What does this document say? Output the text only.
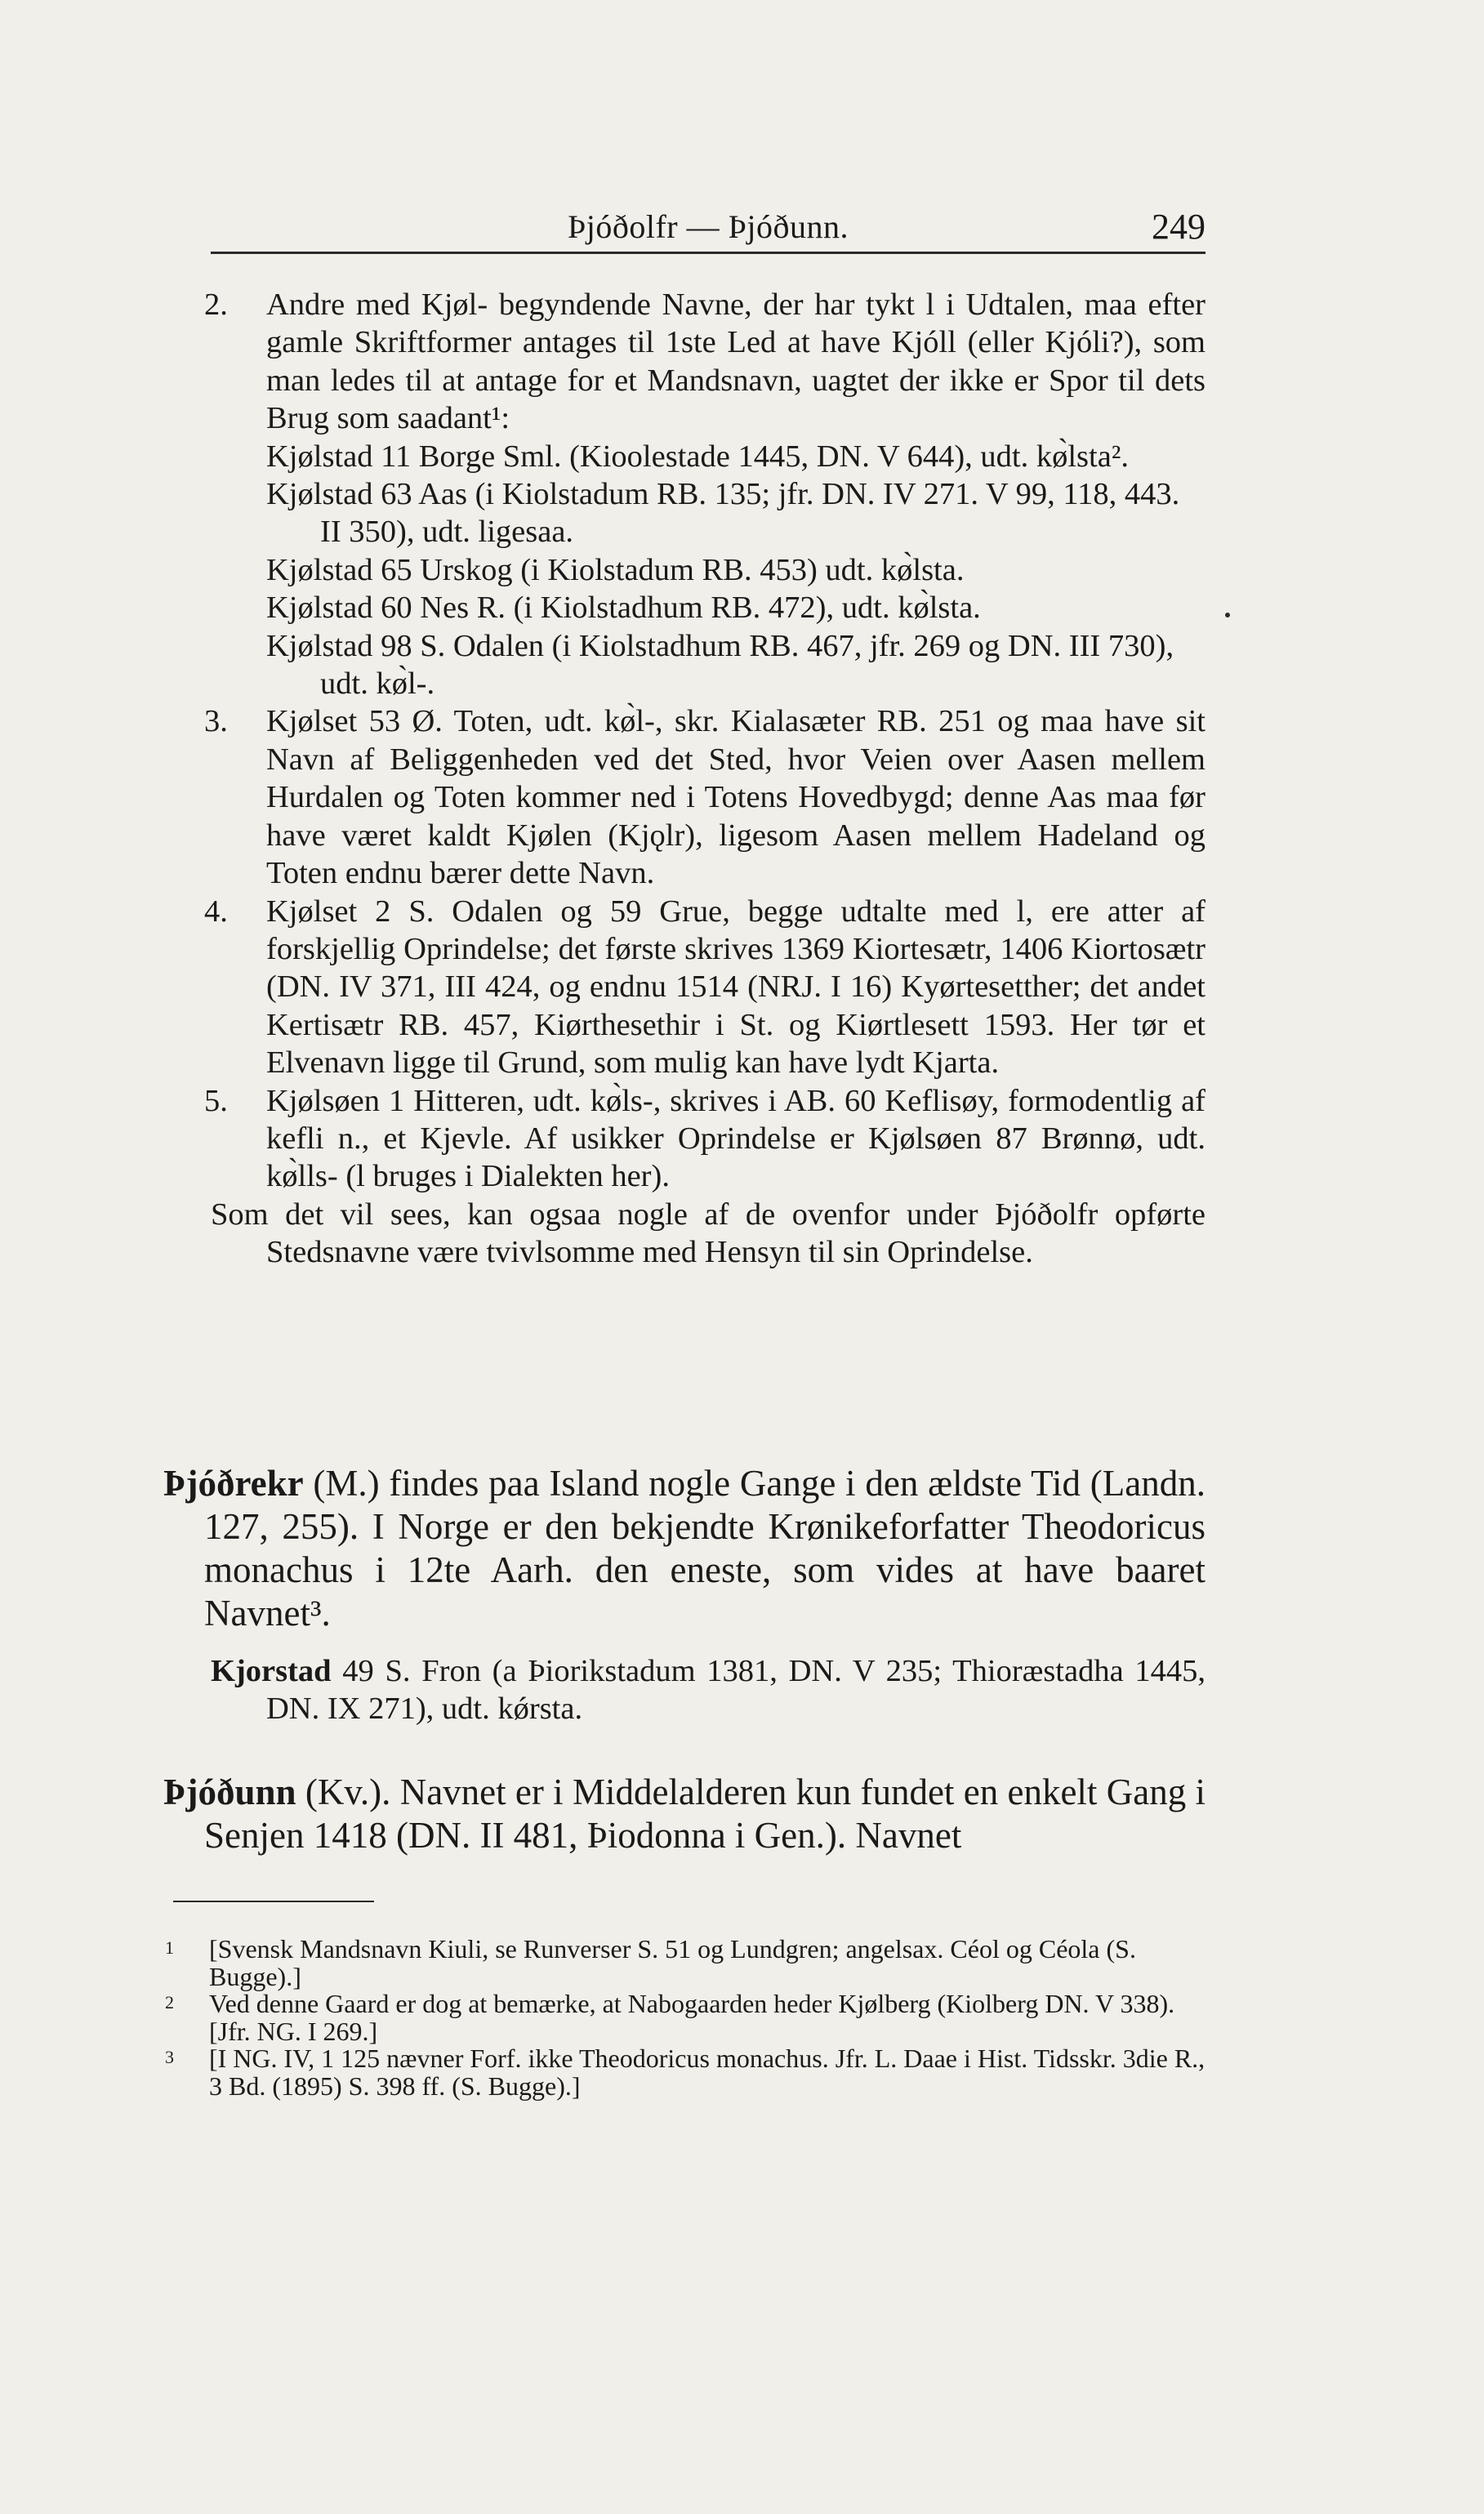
Þjóðolfr — Þjóðunn.	249
2. Andre med Kjøl- begyndende Navne, der har tykt l i Udtalen, maa efter gamle Skriftformer antages til 1ste Led at have Kjóll (eller Kjóli?), som man ledes til at antage for et Mandsnavn, uagtet der ikke er Spor til dets Brug som saadant¹:
Kjølstad 11 Borge Sml. (Kioolestade 1445, DN. V 644), udt. kø̀lsta².
Kjølstad 63 Aas (i Kiolstadum RB. 135; jfr. DN. IV 271. V 99, 118, 443. II 350), udt. ligesaa.
Kjølstad 65 Urskog (i Kiolstadum RB. 453) udt. kø̀lsta.
Kjølstad 60 Nes R. (i Kiolstadhum RB. 472), udt. kø̀lsta.
Kjølstad 98 S. Odalen (i Kiolstadhum RB. 467, jfr. 269 og DN. III 730), udt. kø̀l-.
3. Kjølset 53 Ø. Toten, udt. kø̀l-, skr. Kialasæter RB. 251 og maa have sit Navn af Beliggenheden ved det Sted, hvor Veien over Aasen mellem Hurdalen og Toten kommer ned i Totens Hovedbygd; denne Aas maa før have været kaldt Kjølen (Kjǫlr), ligesom Aasen mellem Hadeland og Toten endnu bærer dette Navn.
4. Kjølset 2 S. Odalen og 59 Grue, begge udtalte med l, ere atter af forskjellig Oprindelse; det første skrives 1369 Kiortesætr, 1406 Kiortosætr (DN. IV 371, III 424, og endnu 1514 (NRJ. I 16) Kyørtesetther; det andet Kertisætr RB. 457, Kiørthesethir i St. og Kiørtlesett 1593. Her tør et Elvenavn ligge til Grund, som mulig kan have lydt Kjarta.
5. Kjølsøen 1 Hitteren, udt. kø̀ls-, skrives i AB. 60 Keflisøy, formodentlig af kefli n., et Kjevle. Af usikker Oprindelse er Kjølsøen 87 Brønnø, udt. kø̀lls- (l bruges i Dialekten her).
Som det vil sees, kan ogsaa nogle af de ovenfor under Þjóðolfr opførte Stedsnavne være tvivlsomme med Hensyn til sin Oprindelse.

Þjóðrekr (M.) findes paa Island nogle Gange i den ældste Tid (Landn. 127, 255). I Norge er den bekjendte Krønikeforfatter Theodoricus monachus i 12te Aarh. den eneste, som vides at have baaret Navnet³.

Kjorstad 49 S. Fron (a Þiorikstadum 1381, DN. V 235; Thioræstadha 1445, DN. IX 271), udt. kǿrsta.

Þjóðunn (Kv.). Navnet er i Middelalderen kun fundet en enkelt Gang i Senjen 1418 (DN. II 481, Þiodonna i Gen.). Navnet

1 [Svensk Mandsnavn Kiuli, se Runverser S. 51 og Lundgren; angelsax. Céol og Céola (S. Bugge).]
2 Ved denne Gaard er dog at bemærke, at Nabogaarden heder Kjølberg (Kiolberg DN. V 338). [Jfr. NG. I 269.]
3 [I NG. IV, 1 125 nævner Forf. ikke Theodoricus monachus. Jfr. L. Daae i Hist. Tidsskr. 3die R., 3 Bd. (1895) S. 398 ff. (S. Bugge).]
